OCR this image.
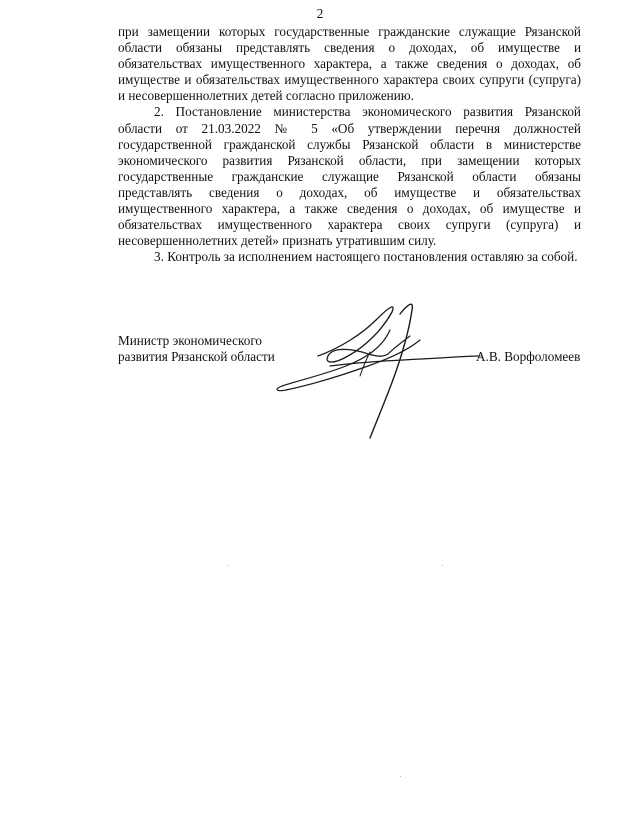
2

при замещении которых государственные гражданские служащие Рязанской области обязаны представлять сведения о доходах, об имуществе и обязательствах имущественного характера, а также сведения о доходах, об имуществе и обязательствах имущественного характера своих супруги (супруга) и несовершеннолетних детей согласно приложению.

2. Постановление министерства экономического развития Рязанской области от 21.03.2022 № 5 «Об утверждении перечня должностей государственной гражданской службы Рязанской области в министерстве экономического развития Рязанской области, при замещении которых государственные гражданские служащие Рязанской области обязаны представлять сведения о доходах, об имуществе и обязательствах имущественного характера, а также сведения о доходах, об имуществе и обязательствах имущественного характера своих супруги (супруга) и несовершеннолетних детей» признать утратившим силу.

3. Контроль за исполнением настоящего постановления оставляю за собой.

Министр экономического
развития Рязанской области	А.В. Ворфоломеев
